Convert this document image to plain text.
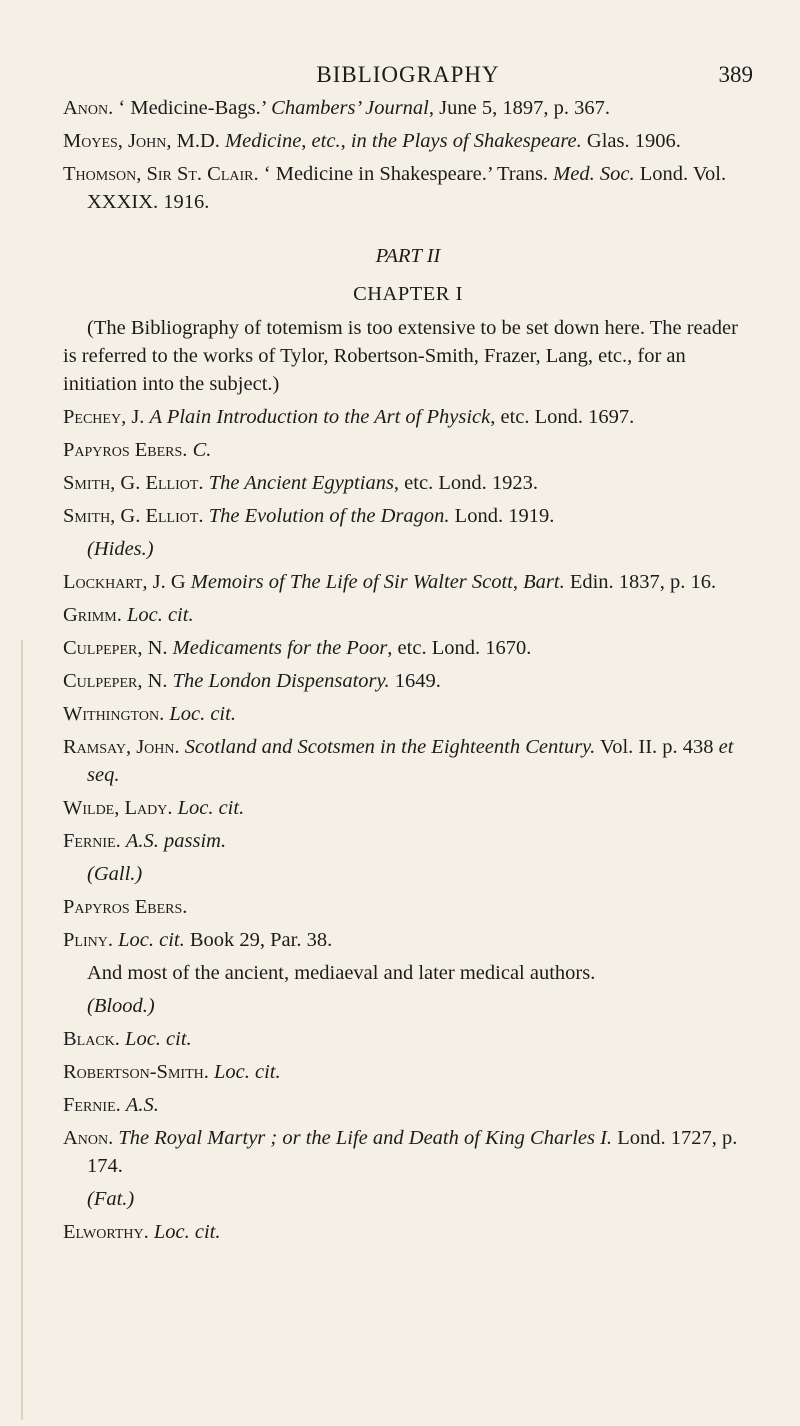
BIBLIOGRAPHY	389
Anon. ‘ Medicine-Bags.’ Chambers’ Journal, June 5, 1897, p. 367.
Moyes, John, M.D. Medicine, etc., in the Plays of Shakespeare. Glas. 1906.
Thomson, Sir St. Clair. ‘ Medicine in Shakespeare.’ Trans. Med. Soc. Lond. Vol. XXXIX. 1916.
PART II
CHAPTER I
(The Bibliography of totemism is too extensive to be set down here. The reader is referred to the works of Tylor, Robertson-Smith, Frazer, Lang, etc., for an initiation into the subject.)
Pechey, J. A Plain Introduction to the Art of Physick, etc. Lond. 1697.
Papyros Ebers. C.
Smith, G. Elliot. The Ancient Egyptians, etc. Lond. 1923.
Smith, G. Elliot. The Evolution of the Dragon. Lond. 1919.
(Hides.)
Lockhart, J. G Memoirs of The Life of Sir Walter Scott, Bart. Edin. 1837, p. 16.
Grimm. Loc. cit.
Culpeper, N. Medicaments for the Poor, etc. Lond. 1670.
Culpeper, N. The London Dispensatory. 1649.
Withington. Loc. cit.
Ramsay, John. Scotland and Scotsmen in the Eighteenth Century. Vol. II. p. 438 et seq.
Wilde, Lady. Loc. cit.
Fernie. A.S. passim.
(Gall.)
Papyros Ebers.
Pliny. Loc. cit. Book 29, Par. 38.
And most of the ancient, mediaeval and later medical authors.
(Blood.)
Black. Loc. cit.
Robertson-Smith. Loc. cit.
Fernie. A.S.
Anon. The Royal Martyr ; or the Life and Death of King Charles I. Lond. 1727, p. 174.
(Fat.)
Elworthy. Loc. cit.
